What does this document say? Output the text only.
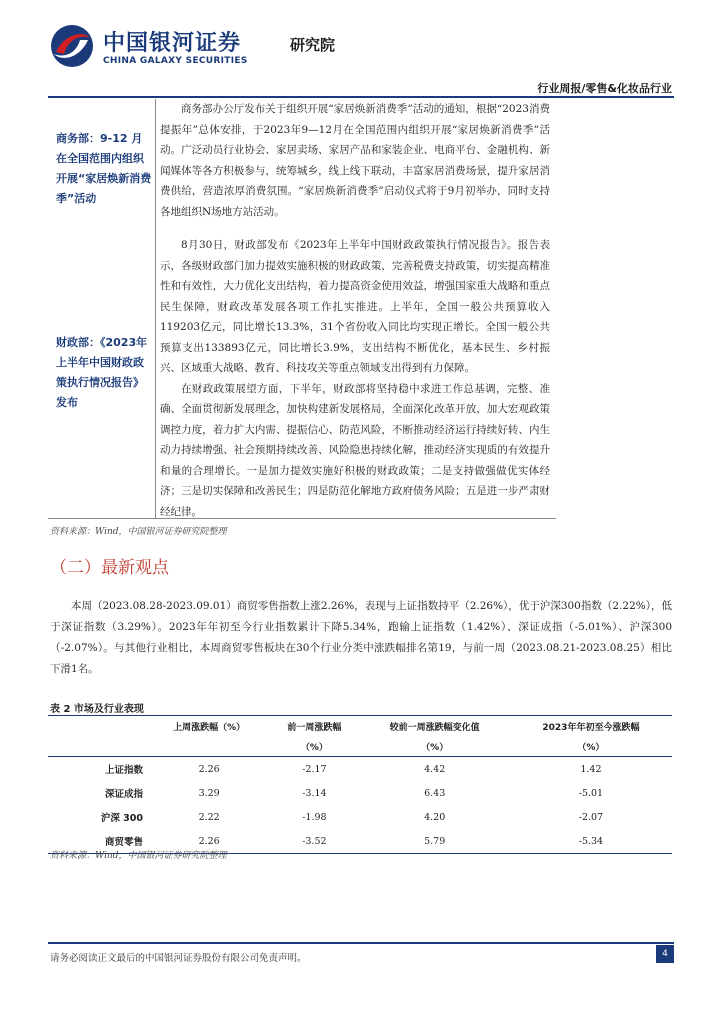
中国银河证券
CHINA GALAXY SECURITIES
研究院
行业周报/零售&化妆品行业
商务部：9-12 月在全国范围内组织开展“家居焕新消费季”活动

商务部办公厅发布关于组织开展“家居焕新消费季”活动的通知，根据“2023消费提振年”总体安排，于2023年9—12月在全国范围内组织开展“家居焕新消费季”活动。广泛动员行业协会、家居卖场、家居产品和家装企业、电商平台、金融机构、新闻媒体等各方积极参与，统筹城乡，线上线下联动，丰富家居消费场景，提升家居消费供给，营造浓厚消费氛围。“家居焕新消费季”启动仪式将于9月初举办，同时支持各地组织N场地方站活动。

财政部：《2023年上半年中国财政政策执行情况报告》发布

8月30日，财政部发布《2023年上半年中国财政政策执行情况报告》。报告表示，各级财政部门加力提效实施积极的财政政策，完善税费支持政策，切实提高精准性和有效性，大力优化支出结构，着力提高资金使用效益，增强国家重大战略和重点民生保障，财政改革发展各项工作扎实推进。上半年，全国一般公共预算收入119203亿元，同比增长13.3%，31个省份收入同比均实现正增长。全国一般公共预算支出133893亿元，同比增长3.9%，支出结构不断优化，基本民生、乡村振兴、区域重大战略、教育、科技攻关等重点领域支出得到有力保障。

在财政政策展望方面，下半年，财政部将坚持稳中求进工作总基调，完整、准确、全面贯彻新发展理念，加快构建新发展格局，全面深化改革开放，加大宏观政策调控力度，着力扩大内需、提振信心、防范风险，不断推动经济运行持续好转、内生动力持续增强、社会预期持续改善、风险隐患持续化解，推动经济实现质的有效提升和量的合理增长。一是加力提效实施好积极的财政政策；二是支持做强做优实体经济；三是切实保障和改善民生；四是防范化解地方政府债务风险；五是进一步严肃财经纪律。

资料来源：Wind，中国银河证券研究院整理
（二）最新观点

本周（2023.08.28-2023.09.01）商贸零售指数上涨2.26%，表现与上证指数持平（2.26%），优于沪深300指数（2.22%），低于深证指数（3.29%）。2023年年初至今行业指数累计下降5.34%，跑输上证指数（1.42%）、深证成指（-5.01%）、沪深300（-2.07%）。与其他行业相比，本周商贸零售板块在30个行业分类中涨跌幅排名第19，与前一周（2023.08.21-2023.08.25）相比下滑1名。

表 2 市场及行业表现
	上周涨跌幅（%）	前一周涨跌幅	较前一周涨跌幅变化值	2023年年初至今涨跌幅
		（%）	（%）	（%）
上证指数	2.26	-2.17	4.42	1.42
深证成指	3.29	-3.14	6.43	-5.01
沪深 300	2.22	-1.98	4.20	-2.07
商贸零售	2.26	-3.52	5.79	-5.34
资料来源：Wind，中国银河证券研究院整理
请务必阅读正文最后的中国银河证券股份有限公司免责声明。	4
